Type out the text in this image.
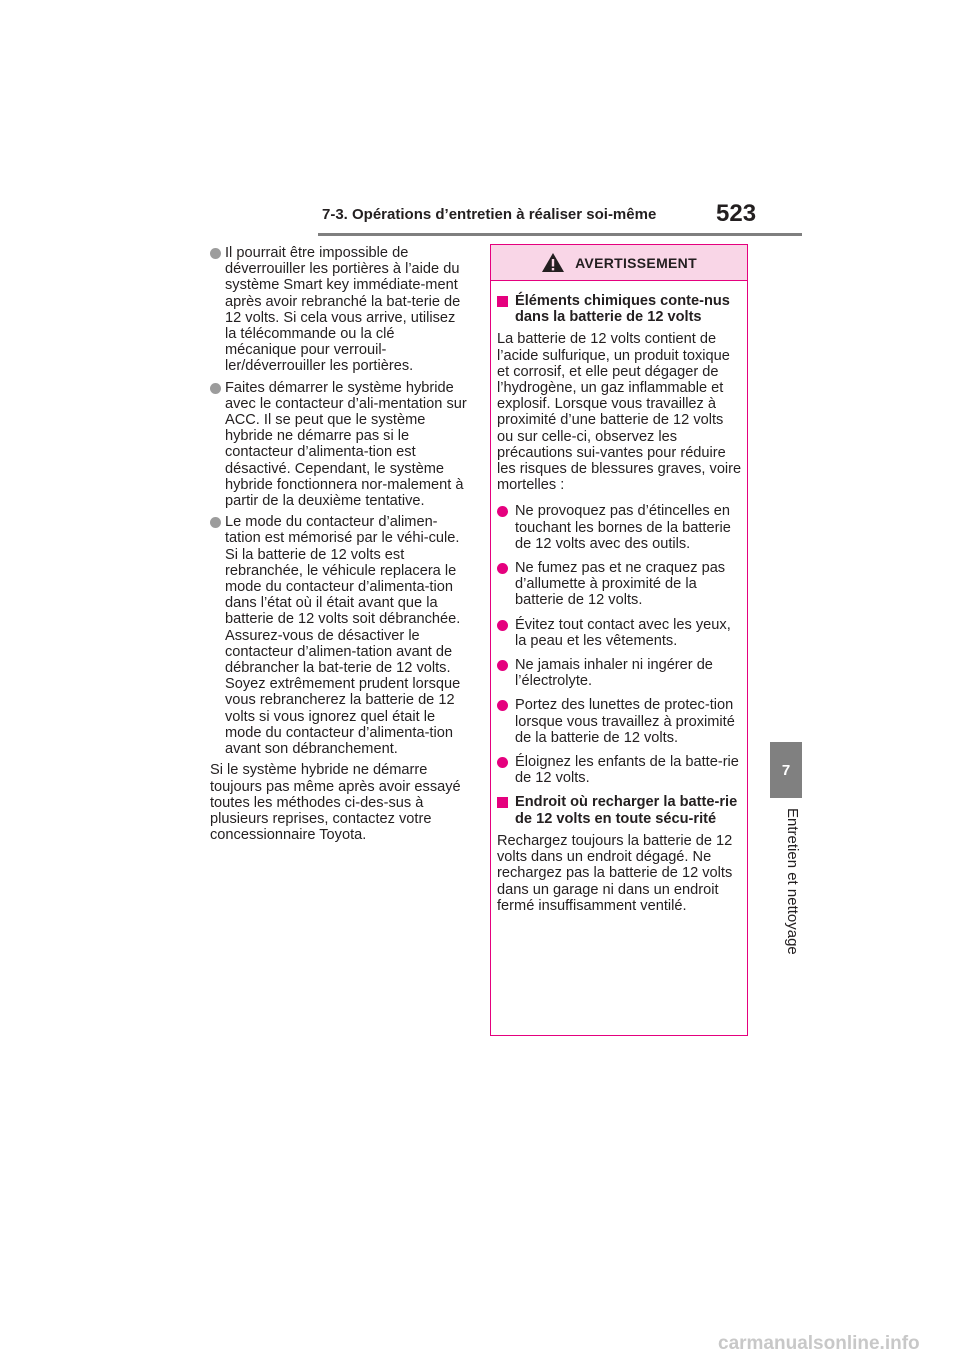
7-3. Opérations d’entretien à réaliser soi-même 523
7
Entretien et nettoyage
Il pourrait être impossible de déverrouiller les portières à l’aide du système Smart key immédiate-ment après avoir rebranché la bat-terie de 12 volts. Si cela vous arrive, utilisez la télécommande ou la clé mécanique pour verrouil-ler/déverrouiller les portières.
Faites démarrer le système hybride avec le contacteur d’ali-mentation sur ACC. Il se peut que le système hybride ne démarre pas si le contacteur d’alimenta-tion est désactivé. Cependant, le système hybride fonctionnera nor-malement à partir de la deuxième tentative.
Le mode du contacteur d’alimen-tation est mémorisé par le véhi-cule. Si la batterie de 12 volts est rebranchée, le véhicule replacera le mode du contacteur d’alimenta-tion dans l’état où il était avant que la batterie de 12 volts soit débranchée. Assurez-vous de désactiver le contacteur d’alimen-tation avant de débrancher la bat-terie de 12 volts. Soyez extrêmement prudent lorsque vous rebrancherez la batterie de 12 volts si vous ignorez quel était le mode du contacteur d’alimenta-tion avant son débranchement.
Si le système hybride ne démarre toujours pas même après avoir essayé toutes les méthodes ci-des-sus à plusieurs reprises, contactez votre concessionnaire Toyota.
AVERTISSEMENT
Éléments chimiques conte-nus dans la batterie de 12 volts
La batterie de 12 volts contient de l’acide sulfurique, un produit toxique et corrosif, et elle peut dégager de l’hydrogène, un gaz inflammable et explosif. Lorsque vous travaillez à proximité d’une batterie de 12 volts ou sur celle-ci, observez les précautions sui-vantes pour réduire les risques de blessures graves, voire mortelles :
Ne provoquez pas d’étincelles en touchant les bornes de la batterie de 12 volts avec des outils.
Ne fumez pas et ne craquez pas d’allumette à proximité de la batterie de 12 volts.
Évitez tout contact avec les yeux, la peau et les vêtements.
Ne jamais inhaler ni ingérer de l’électrolyte.
Portez des lunettes de protec-tion lorsque vous travaillez à proximité de la batterie de 12 volts.
Éloignez les enfants de la batte-rie de 12 volts.
Endroit où recharger la batte-rie de 12 volts en toute sécu-rité
Rechargez toujours la batterie de 12 volts dans un endroit dégagé. Ne rechargez pas la batterie de 12 volts dans un garage ni dans un endroit fermé insuffisamment ventilé.
carmanualsonline.info
